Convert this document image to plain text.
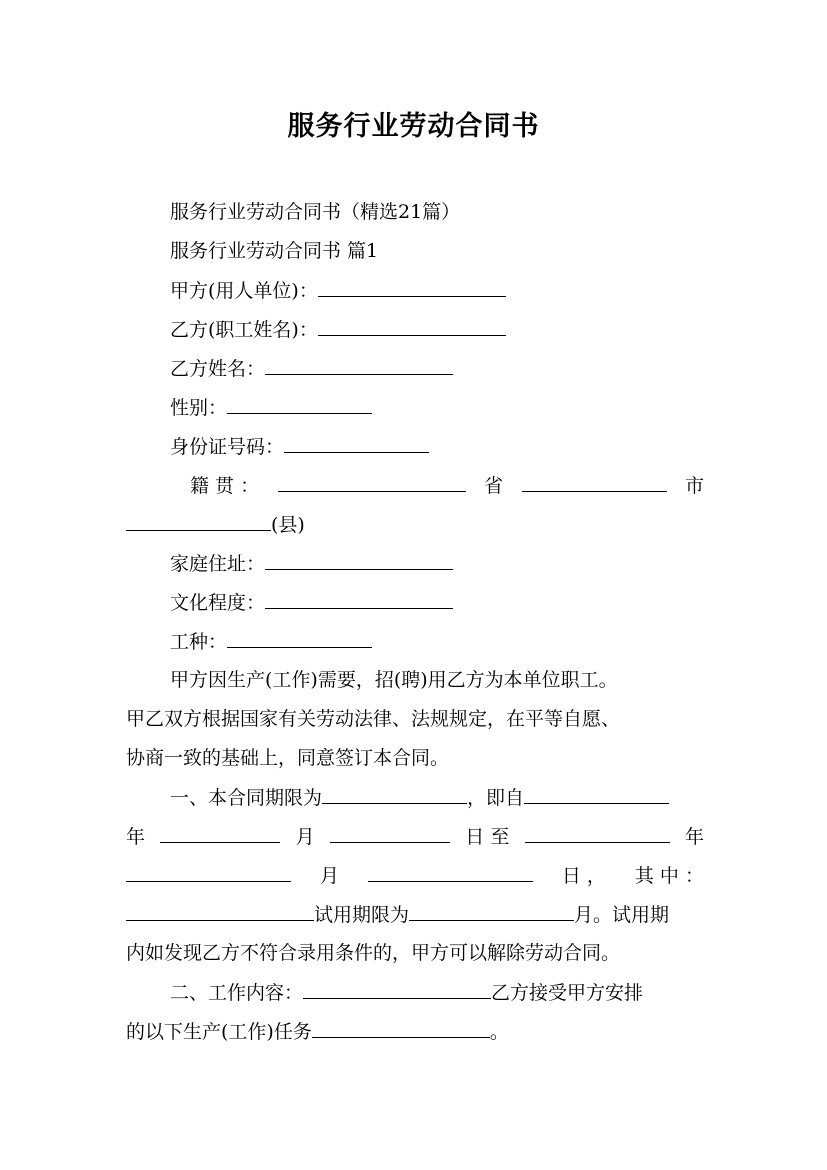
服务行业劳动合同书
服务行业劳动合同书（精选21篇）
服务行业劳动合同书 篇1
甲方(用人单位)：
乙方(职工姓名)：
乙方姓名：
性别：
身份证号码：
籍 贯 ：	省	市
(县)
家庭住址：
文化程度：
工种：
甲方因生产(工作)需要，招(聘)用乙方为本单位职工。
甲乙双方根据国家有关劳动法律、法规规定，在平等自愿、
协商一致的基础上，同意签订本合同。
一、本合同期限为	，即自
年	月	日 至	年
月	日 ， 其 中 ：
试用期限为	月。试用期
内如发现乙方不符合录用条件的，甲方可以解除劳动合同。
二、工作内容：	乙方接受甲方安排
的以下生产(工作)任务	。
